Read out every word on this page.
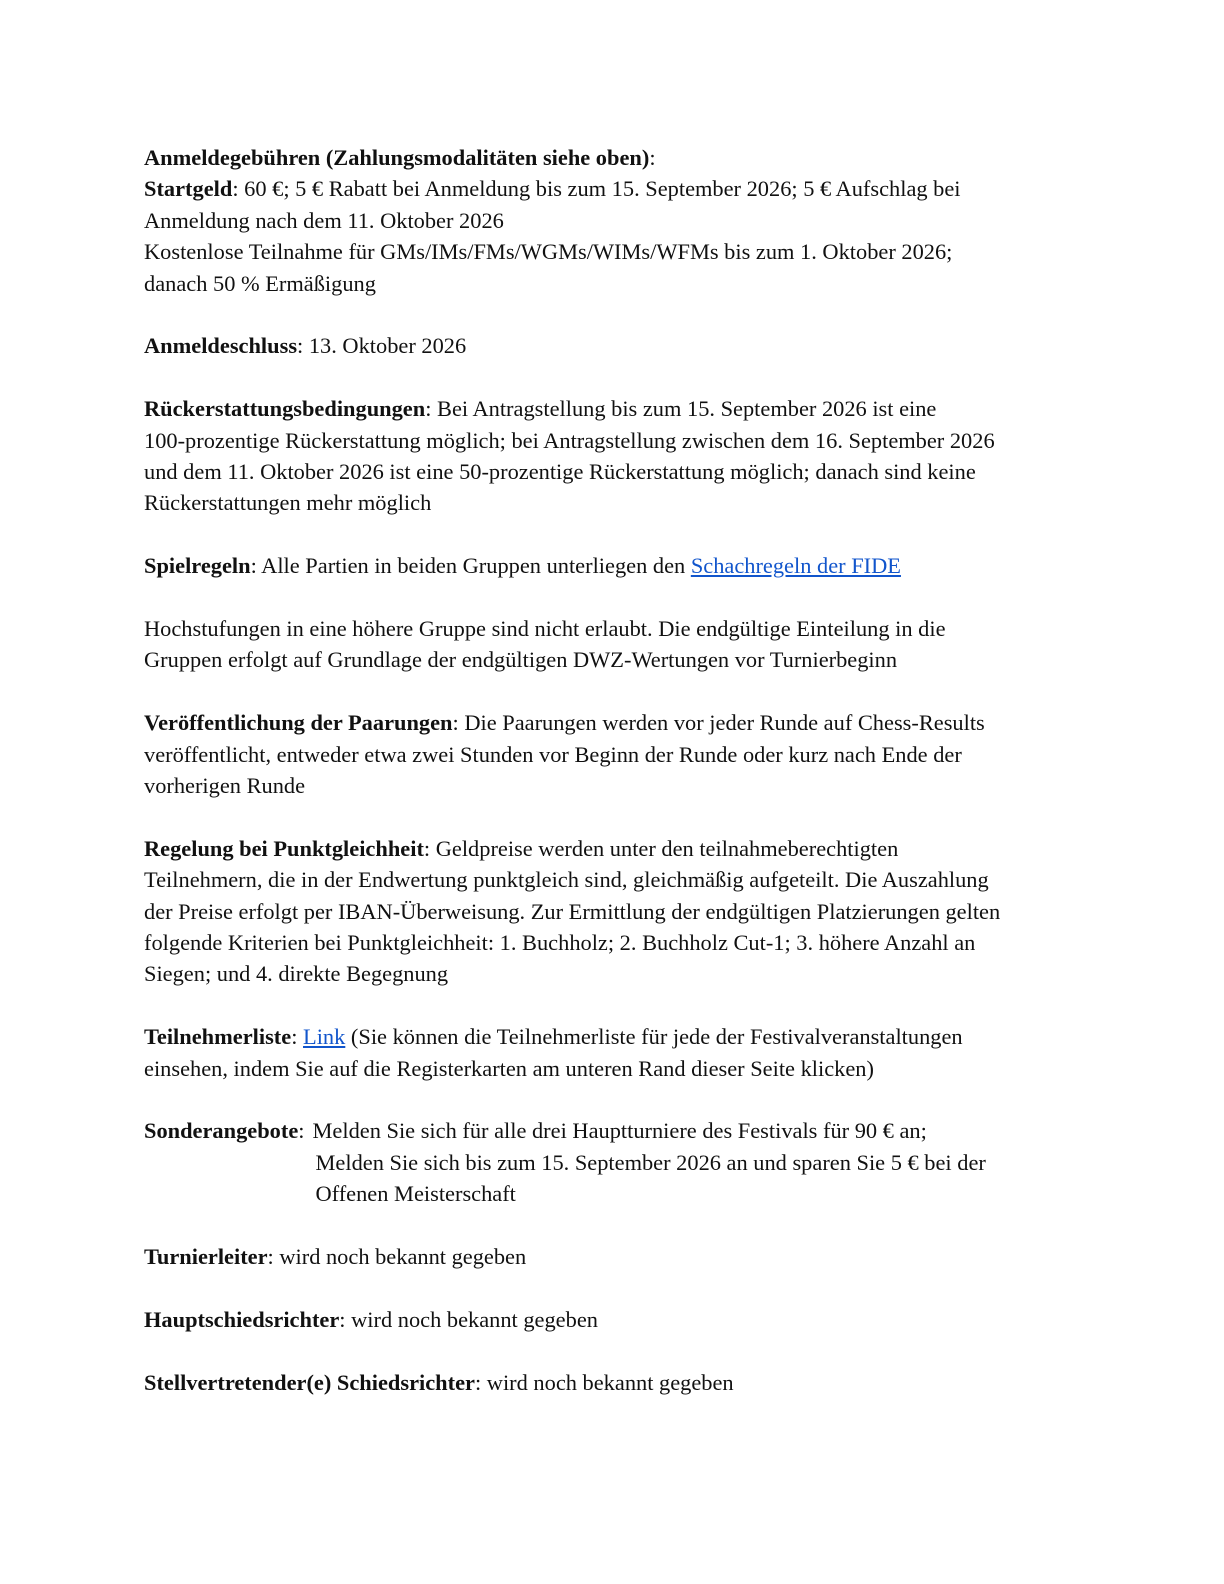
Anmeldegebühren (Zahlungsmodalitäten siehe oben):
Startgeld: 60 €; 5 € Rabatt bei Anmeldung bis zum 15. September 2026; 5 € Aufschlag bei
Anmeldung nach dem 11. Oktober 2026
Kostenlose Teilnahme für GMs/IMs/FMs/WGMs/WIMs/WFMs bis zum 1. Oktober 2026;
danach 50 % Ermäßigung
Anmeldeschluss: 13. Oktober 2026
Rückerstattungsbedingungen: Bei Antragstellung bis zum 15. September 2026 ist eine
100-prozentige Rückerstattung möglich; bei Antragstellung zwischen dem 16. September 2026
und dem 11. Oktober 2026 ist eine 50-prozentige Rückerstattung möglich; danach sind keine
Rückerstattungen mehr möglich
Spielregeln: Alle Partien in beiden Gruppen unterliegen den Schachregeln der FIDE
Hochstufungen in eine höhere Gruppe sind nicht erlaubt. Die endgültige Einteilung in die
Gruppen erfolgt auf Grundlage der endgültigen DWZ-Wertungen vor Turnierbeginn
Veröffentlichung der Paarungen: Die Paarungen werden vor jeder Runde auf Chess-Results
veröffentlicht, entweder etwa zwei Stunden vor Beginn der Runde oder kurz nach Ende der
vorherigen Runde
Regelung bei Punktgleichheit: Geldpreise werden unter den teilnahmeberechtigten
Teilnehmern, die in der Endwertung punktgleich sind, gleichmäßig aufgeteilt. Die Auszahlung
der Preise erfolgt per IBAN-Überweisung. Zur Ermittlung der endgültigen Platzierungen gelten
folgende Kriterien bei Punktgleichheit: 1. Buchholz; 2. Buchholz Cut-1; 3. höhere Anzahl an
Siegen; und 4. direkte Begegnung
Teilnehmerliste: Link (Sie können die Teilnehmerliste für jede der Festivalveranstaltungen
einsehen, indem Sie auf die Registerkarten am unteren Rand dieser Seite klicken)
Sonderangebote: Melden Sie sich für alle drei Hauptturniere des Festivals für 90 € an;
Melden Sie sich bis zum 15. September 2026 an und sparen Sie 5 € bei der
Offenen Meisterschaft
Turnierleiter: wird noch bekannt gegeben
Hauptschiedsrichter: wird noch bekannt gegeben
Stellvertretender(e) Schiedsrichter: wird noch bekannt gegeben
